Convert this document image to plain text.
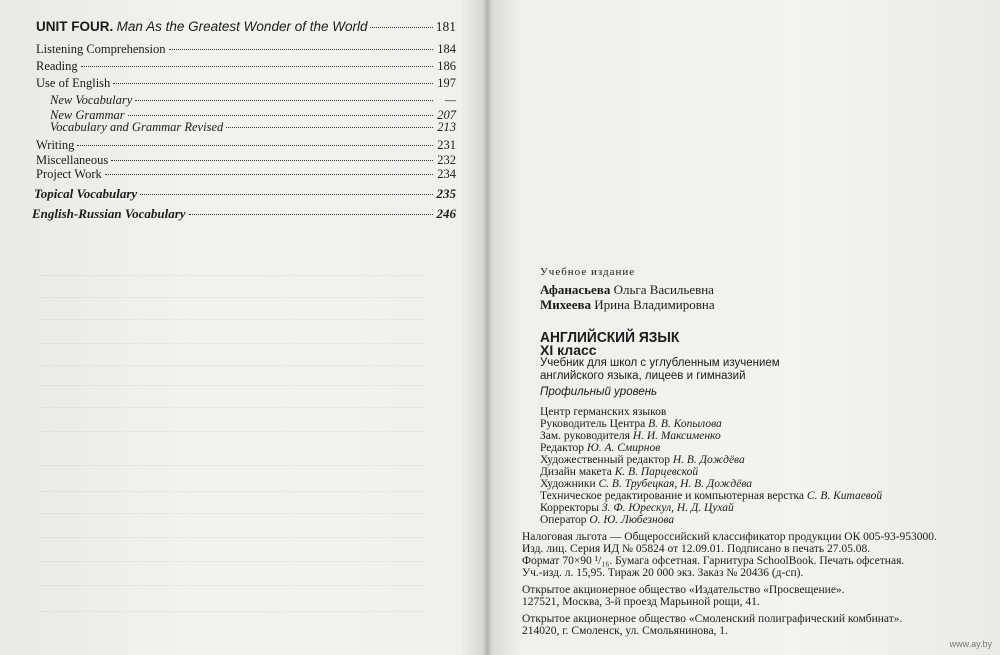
UNIT FOUR. Man As the Greatest Wonder of the World	181
Listening Comprehension	184
Reading	186
Use of English	197
New Vocabulary	—
New Grammar	207
Vocabulary and Grammar Revised	213
Writing	231
Miscellaneous	232
Project Work	234
Topical Vocabulary	235
English-Russian Vocabulary	246
Учебное издание
Афанасьева Ольга Васильевна
Михеева Ирина Владимировна
АНГЛИЙСКИЙ ЯЗЫК
XI класс
Учебник для школ с углубленным изучением
английского языка, лицеев и гимназий
Профильный уровень
Центр германских языков
Руководитель Центра В. В. Копылова
Зам. руководителя Н. И. Максименко
Редактор Ю. А. Смирнов
Художественный редактор Н. В. Дождёва
Дизайн макета К. В. Парцевской
Художники С. В. Трубецкая, Н. В. Дождёва
Техническое редактирование и компьютерная верстка С. В. Китаевой
Корректоры З. Ф. Юрескул, Н. Д. Цухай
Оператор О. Ю. Любезнова
Налоговая льгота — Общероссийский классификатор продукции ОК 005-93-953000.
Изд. лиц. Серия ИД № 05824 от 12.09.01. Подписано в печать 27.05.08.
Формат 70×90 ¹/₁₆. Бумага офсетная. Гарнитура SchoolBook. Печать офсетная.
Уч.-изд. л. 15,95. Тираж 20 000 экз. Заказ № 20436 (д-сп).
Открытое акционерное общество «Издательство «Просвещение».
127521, Москва, 3-й проезд Марьиной рощи, 41.
Открытое акционерное общество «Смоленский полиграфический комбинат».
214020, г. Смоленск, ул. Смольянинова, 1.
www.ay.by
